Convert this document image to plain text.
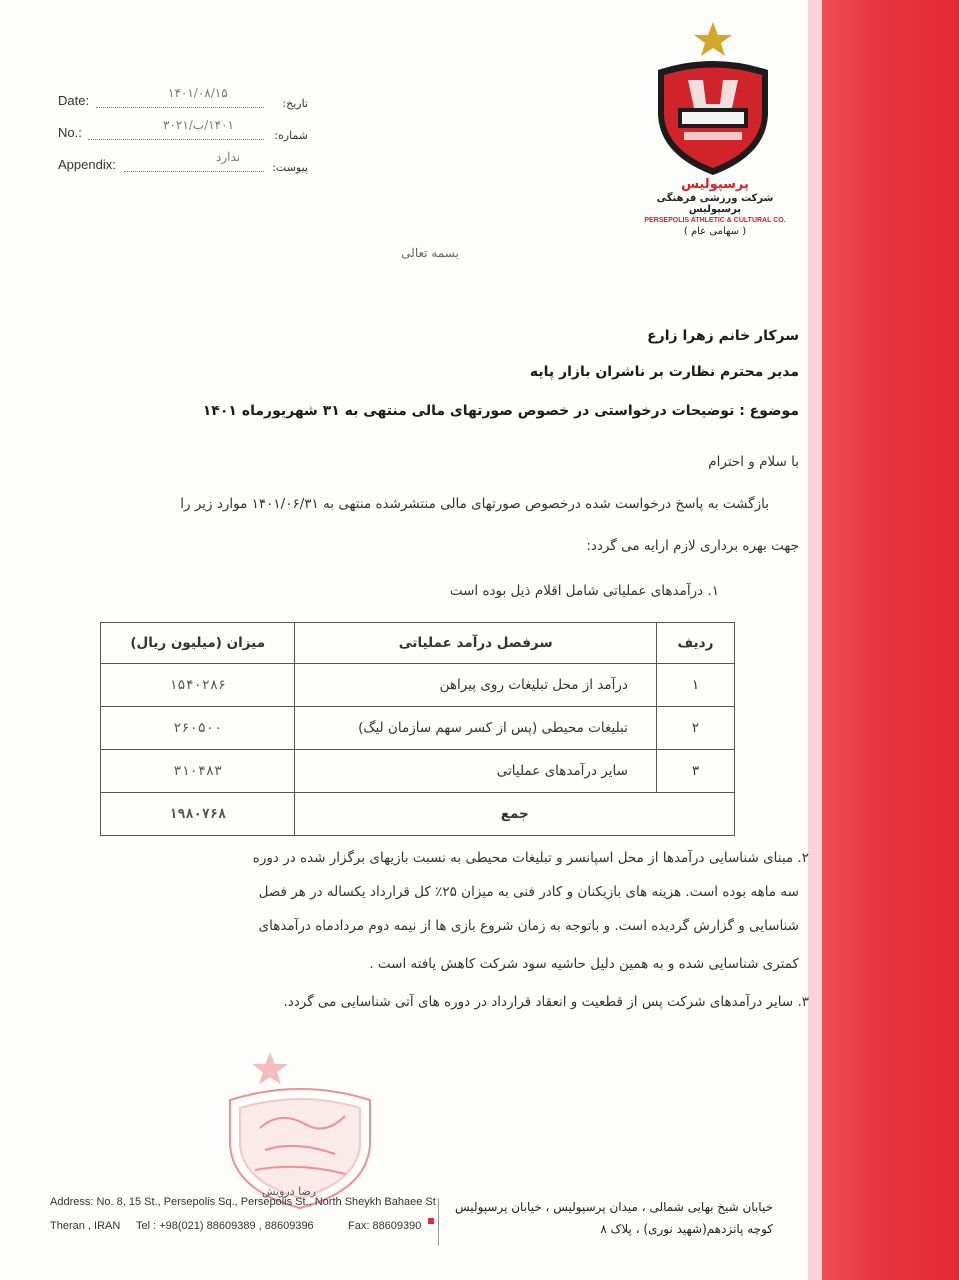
Date:	۱۴۰۱/۰۸/۱۵
تاریخ:
No.:	۱۴۰۱/ب/۳۰۲۱
شماره:
Appendix:	ندارد
پیوست:
پرسپولیس
شرکت ورزشی فرهنگی پرسپولیس
PERSEPOLIS ATHLETIC & CULTURAL CO.
( سهامی عام )
بسمه تعالی
سرکار خانم زهرا زارع
مدیر محترم نظارت بر ناشران بازار پایه
موضوع : توضیحات درخواستی در خصوص صورتهای مالی منتهی به ۳۱ شهریورماه ۱۴۰۱
با سلام و احترام
بازگشت به پاسخ درخواست شده درخصوص صورتهای مالی منتشرشده منتهی به ۱۴۰۱/۰۶/۳۱ موارد زیر را
جهت بهره برداری لازم ارایه می گردد:
۱. درآمدهای عملیاتی شامل اقلام ذیل بوده است
ردیف	سرفصل درآمد عملیاتی	میزان (میلیون ریال)
۱	درآمد از محل تبلیغات روی پیراهن	۱۵۴۰۲۸۶
۲	تبلیغات محیطی (پس از کسر سهم سازمان لیگ)	۲۶۰۵۰۰
۳	سایر درآمدهای عملیاتی	۳۱۰۴۸۳
جمع		۱۹۸۰۷۶۸
۲. مبنای شناسایی درآمدها از محل اسپانسر و تبلیغات محیطی به نسبت بازیهای برگزار شده در دوره
سه ماهه بوده است. هزینه های بازیکنان و کادر فنی به میزان ۲۵٪ کل قرارداد یکساله در هر فصل
شناسایی و گزارش گردیده است. و باتوجه به زمان شروع بازی ها از نیمه دوم مردادماه درآمدهای
کمتری شناسایی شده و به همین دلیل حاشیه سود شرکت کاهش یافته است .
۳. سایر درآمدهای شرکت پس از قطعیت و انعقاد قرارداد در دوره های آتی شناسایی می گردد.
رضا درویش
Address: No. 8, 15 St., Persepolis Sq., Persepolis St., North Sheykh Bahaee St
Theran , IRAN Tel : +98(021) 88609389 , 88609396	Fax: 88609390
خیابان شیخ بهایی شمالی ، میدان پرسپولیس ، خیابان پرسپولیس
کوچه پانزدهم(شهید نوری) ، پلاک ۸
